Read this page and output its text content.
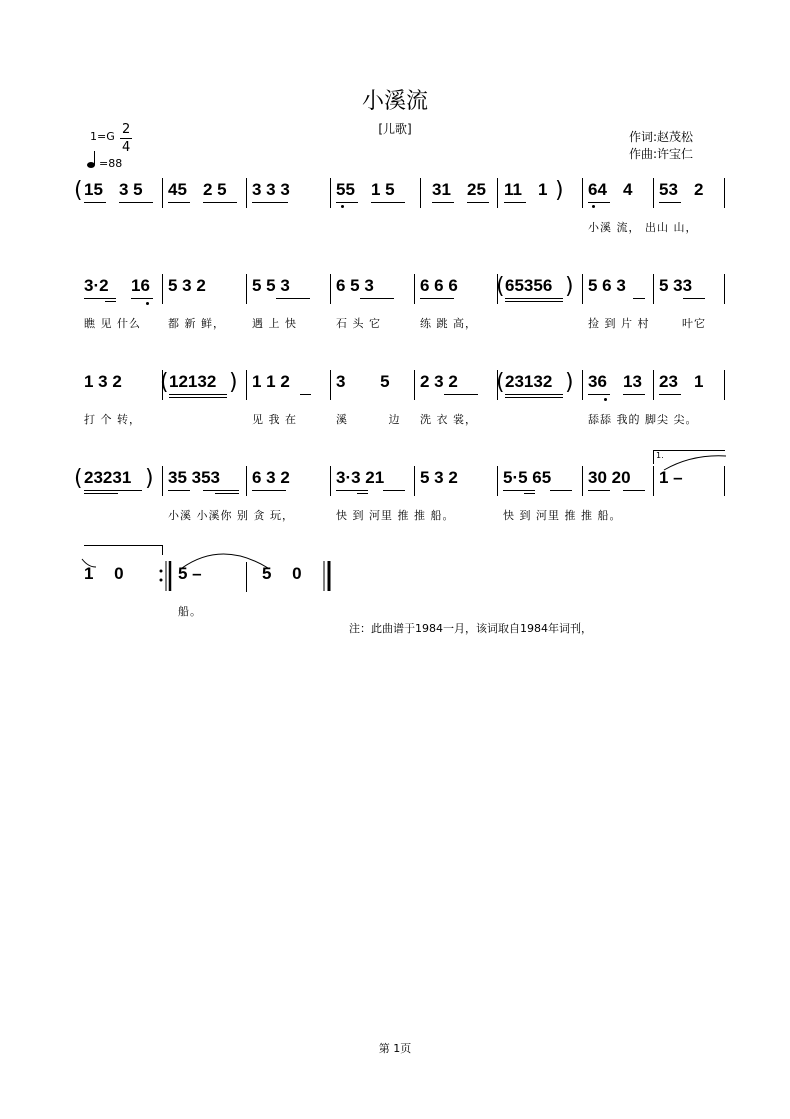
小溪流
[儿歌]
1=G 2
4
=88
作词:赵茂松
作曲:许宝仁
( 15 3 5 45 2 5 3 3 3	55 1 5 31 25 11 1 ) 64 4 53 2
小溪 流， 出山 山，
3·2 16 5 3 2	5 5 3	6 5 3	6 6 6 ( 65356 ) 5 6 3 5 33
瞧 见 什么 都 新 鲜， 遇 上 快	石 头 它	练 跳 高，	捡 到 片 村	叶它
1 3 2 ( 12132 ) 1 1 2	3 5 2 3 2 ( 23132 ) 36 13 23 1
打 个 转，	见 我 在	溪 边 洗 衣 裳，	舔舔 我的 脚尖 尖。
( 23231 ) 35 353 6 3 2	3·3 21 5 3 2	5·5 65 30 20
1.
1 –
小溪 小溪你 别 贪 玩，	快 到 河里 推 推 船。	快 到 河里 推 推 船。
1 0	5 –	5 0
船。
注：此曲谱于1984一月，该词取自1984年词刊，
第 1页
